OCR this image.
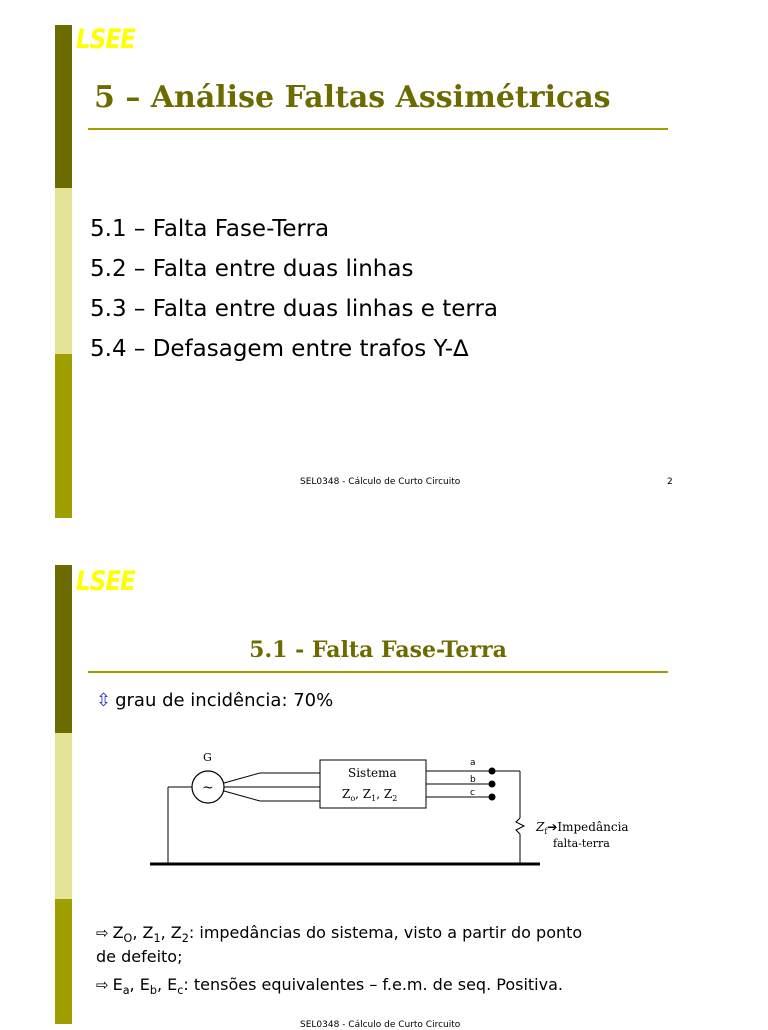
LSEE
5 – Análise Faltas Assimétricas
5.1 – Falta Fase-Terra
5.2 – Falta entre duas linhas
5.3 – Falta entre duas linhas e terra
5.4 – Defasagem entre trafos Y-∆
SEL0348 - Cálculo de Curto Circuito	2
LSEE
5.1 - Falta Fase-Terra
⇳ grau de incidência: 70%
G
~
Sistema
$Z_o$, $Z_1$, $Z_2$
a
b
c
$Z_f➔Impedância$
falta-terra
⇨ $Z_O$, $Z_1$, $Z_2$: impedâncias do sistema, visto a partir do ponto
de defeito;
⇨ $E_a$, $E_b$, $E_c$: tensões equivalentes – f.e.m. de seq. Positiva.
SEL0348 - Cálculo de Curto Circuito
